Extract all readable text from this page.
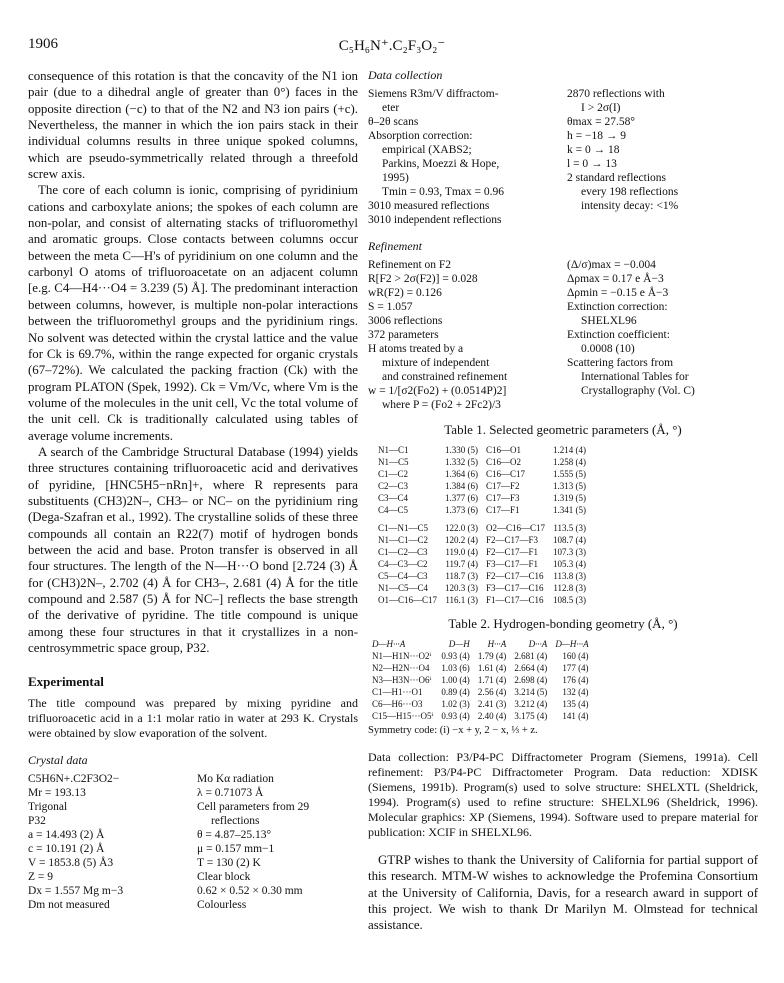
1906	C₅H₆N⁺.C₂F₃O₂⁻

consequence of this rotation is that the concavity of the N1 ion pair (due to a dihedral angle of greater than 0°) faces in the opposite direction (−c) to that of the N2 and N3 ion pairs (+c). Nevertheless, the manner in which the ion pairs stack in their individual columns results in three unique spoked columns, which are pseudo-symmetrically related through a threefold screw axis.

The core of each column is ionic, comprising of pyridinium cations and carboxylate anions; the spokes of each column are non-polar, and consist of alternating stacks of trifluoromethyl and aromatic groups. Close contacts between columns occur between the meta C—H's of pyridinium on one column and the carbonyl O atoms of trifluoroacetate on an adjacent column [e.g. C4—H4···O4 = 3.239 (5) Å]. The predominant interaction between columns, however, is multiple non-polar interactions between the trifluoromethyl groups and the pyridinium rings. No solvent was detected within the crystal lattice and the value for Ck is 69.7%, within the range expected for organic crystals (67–72%). We calculated the packing fraction (Ck) with the program PLATON (Spek, 1992). Ck = Vm/Vc, where Vm is the volume of the molecules in the unit cell, Vc the total volume of the unit cell. Ck is traditionally calculated using tables of average volume increments.

A search of the Cambridge Structural Database (1994) yields three structures containing trifluoroacetic acid and derivatives of pyridine, [HNC5H5−nRn]+, where R represents para substituents (CH3)2N–, CH3– or NC– on the pyridinium ring (Dega-Szafran et al., 1992). The crystalline solids of these three compounds all contain an R22(7) motif of hydrogen bonds between the acid and base. Proton transfer is observed in all four structures. The length of the N—H···O bond [2.724 (3) Å for (CH3)2N–, 2.702 (4) Å for CH3–, 2.681 (4) Å for the title compound and 2.587 (5) Å for NC–] reflects the base strength of the derivative of pyridine. The title compound is unique among these four structures in that it crystallizes in a non-centrosymmetric space group, P32.

Experimental

The title compound was prepared by mixing pyridine and trifluoroacetic acid in a 1:1 molar ratio in water at 293 K. Crystals were obtained by slow evaporation of the solvent.

Crystal data
C5H6N+.C2F3O2−
Mr = 193.13
Trigonal
P32
a = 14.493 (2) Å
c = 10.191 (2) Å
V = 1853.8 (5) Å3
Z = 9
Dx = 1.557 Mg m−3
Dm not measured
Mo Kα radiation
λ = 0.71073 Å
Cell parameters from 29
reflections
θ = 4.87–25.13°
μ = 0.157 mm−1
T = 130 (2) K
Clear block
0.62 × 0.52 × 0.30 mm
Colourless
Data collection
Siemens R3m/V diffractom-
eter
θ–2θ scans
Absorption correction:
empirical (XABS2;
Parkins, Moezzi & Hope,
1995)
Tmin = 0.93, Tmax = 0.96
3010 measured reflections
3010 independent reflections
2870 reflections with
I > 2σ(I)
θmax = 27.58°
h = −18 → 9
k = 0 → 18
l = 0 → 13
2 standard reflections
every 198 reflections
intensity decay: <1%
Refinement
Refinement on F2
R[F2 > 2σ(F2)] = 0.028
wR(F2) = 0.126
S = 1.057
3006 reflections
372 parameters
H atoms treated by a
mixture of independent
and constrained refinement
w = 1/[σ2(Fo2) + (0.0514P)2]
where P = (Fo2 + 2Fc2)/3
(Δ/σ)max = −0.004
Δρmax = 0.17 e Å−3
Δρmin = −0.15 e Å−3
Extinction correction:
SHELXL96
Extinction coefficient:
0.0008 (10)
Scattering factors from
International Tables for
Crystallography (Vol. C)
Table 1. Selected geometric parameters (Å, °)
N1—C1	1.330 (5)	C16—O1	1.214 (4)
N1—C5	1.332 (5)	C16—O2	1.258 (4)
C1—C2	1.364 (6)	C16—C17	1.555 (5)
C2—C3	1.384 (6)	C17—F2	1.313 (5)
C3—C4	1.377 (6)	C17—F3	1.319 (5)
C4—C5	1.373 (6)	C17—F1	1.341 (5)

C1—N1—C5	122.0 (3)	O2—C16—C17	113.5 (3)
N1—C1—C2	120.2 (4)	F2—C17—F3	108.7 (4)
C1—C2—C3	119.0 (4)	F2—C17—F1	107.3 (3)
C4—C3—C2	119.7 (4)	F3—C17—F1	105.3 (4)
C5—C4—C3	118.7 (3)	F2—C17—C16	113.8 (3)
N1—C5—C4	120.3 (3)	F3—C17—C16	112.8 (3)
O1—C16—C17	116.1 (3)	F1—C17—C16	108.5 (3)
Table 2. Hydrogen-bonding geometry (Å, °)
D—H···A	D—H	H···A	D···A	D—H···A
N1—H1N···O2ⁱ	0.93 (4)	1.79 (4)	2.681 (4)	160 (4)
N2—H2N···O4	1.03 (6)	1.61 (4)	2.664 (4)	177 (4)
N3—H3N···O6ⁱ	1.00 (4)	1.71 (4)	2.698 (4)	176 (4)
C1—H1···O1	0.89 (4)	2.56 (4)	3.214 (5)	132 (4)
C6—H6···O3	1.02 (3)	2.41 (3)	3.212 (4)	135 (4)
C15—H15···O5ⁱ	0.93 (4)	2.40 (4)	3.175 (4)	141 (4)
Symmetry code: (i) −x + y, 2 − x, ⅓ + z.

Data collection: P3/P4-PC Diffractometer Program (Siemens, 1991a). Cell refinement: P3/P4-PC Diffractometer Program. Data reduction: XDISK (Siemens, 1991b). Program(s) used to solve structure: SHELXTL (Sheldrick, 1994). Program(s) used to refine structure: SHELXL96 (Sheldrick, 1996). Molecular graphics: XP (Siemens, 1994). Software used to prepare material for publication: XCIF in SHELXL96.

GTRP wishes to thank the University of California for partial support of this research. MTM-W wishes to acknowledge the Profemina Consortium at the University of California, Davis, for a research award in support of this project. We wish to thank Dr Marilyn M. Olmstead for technical assistance.
